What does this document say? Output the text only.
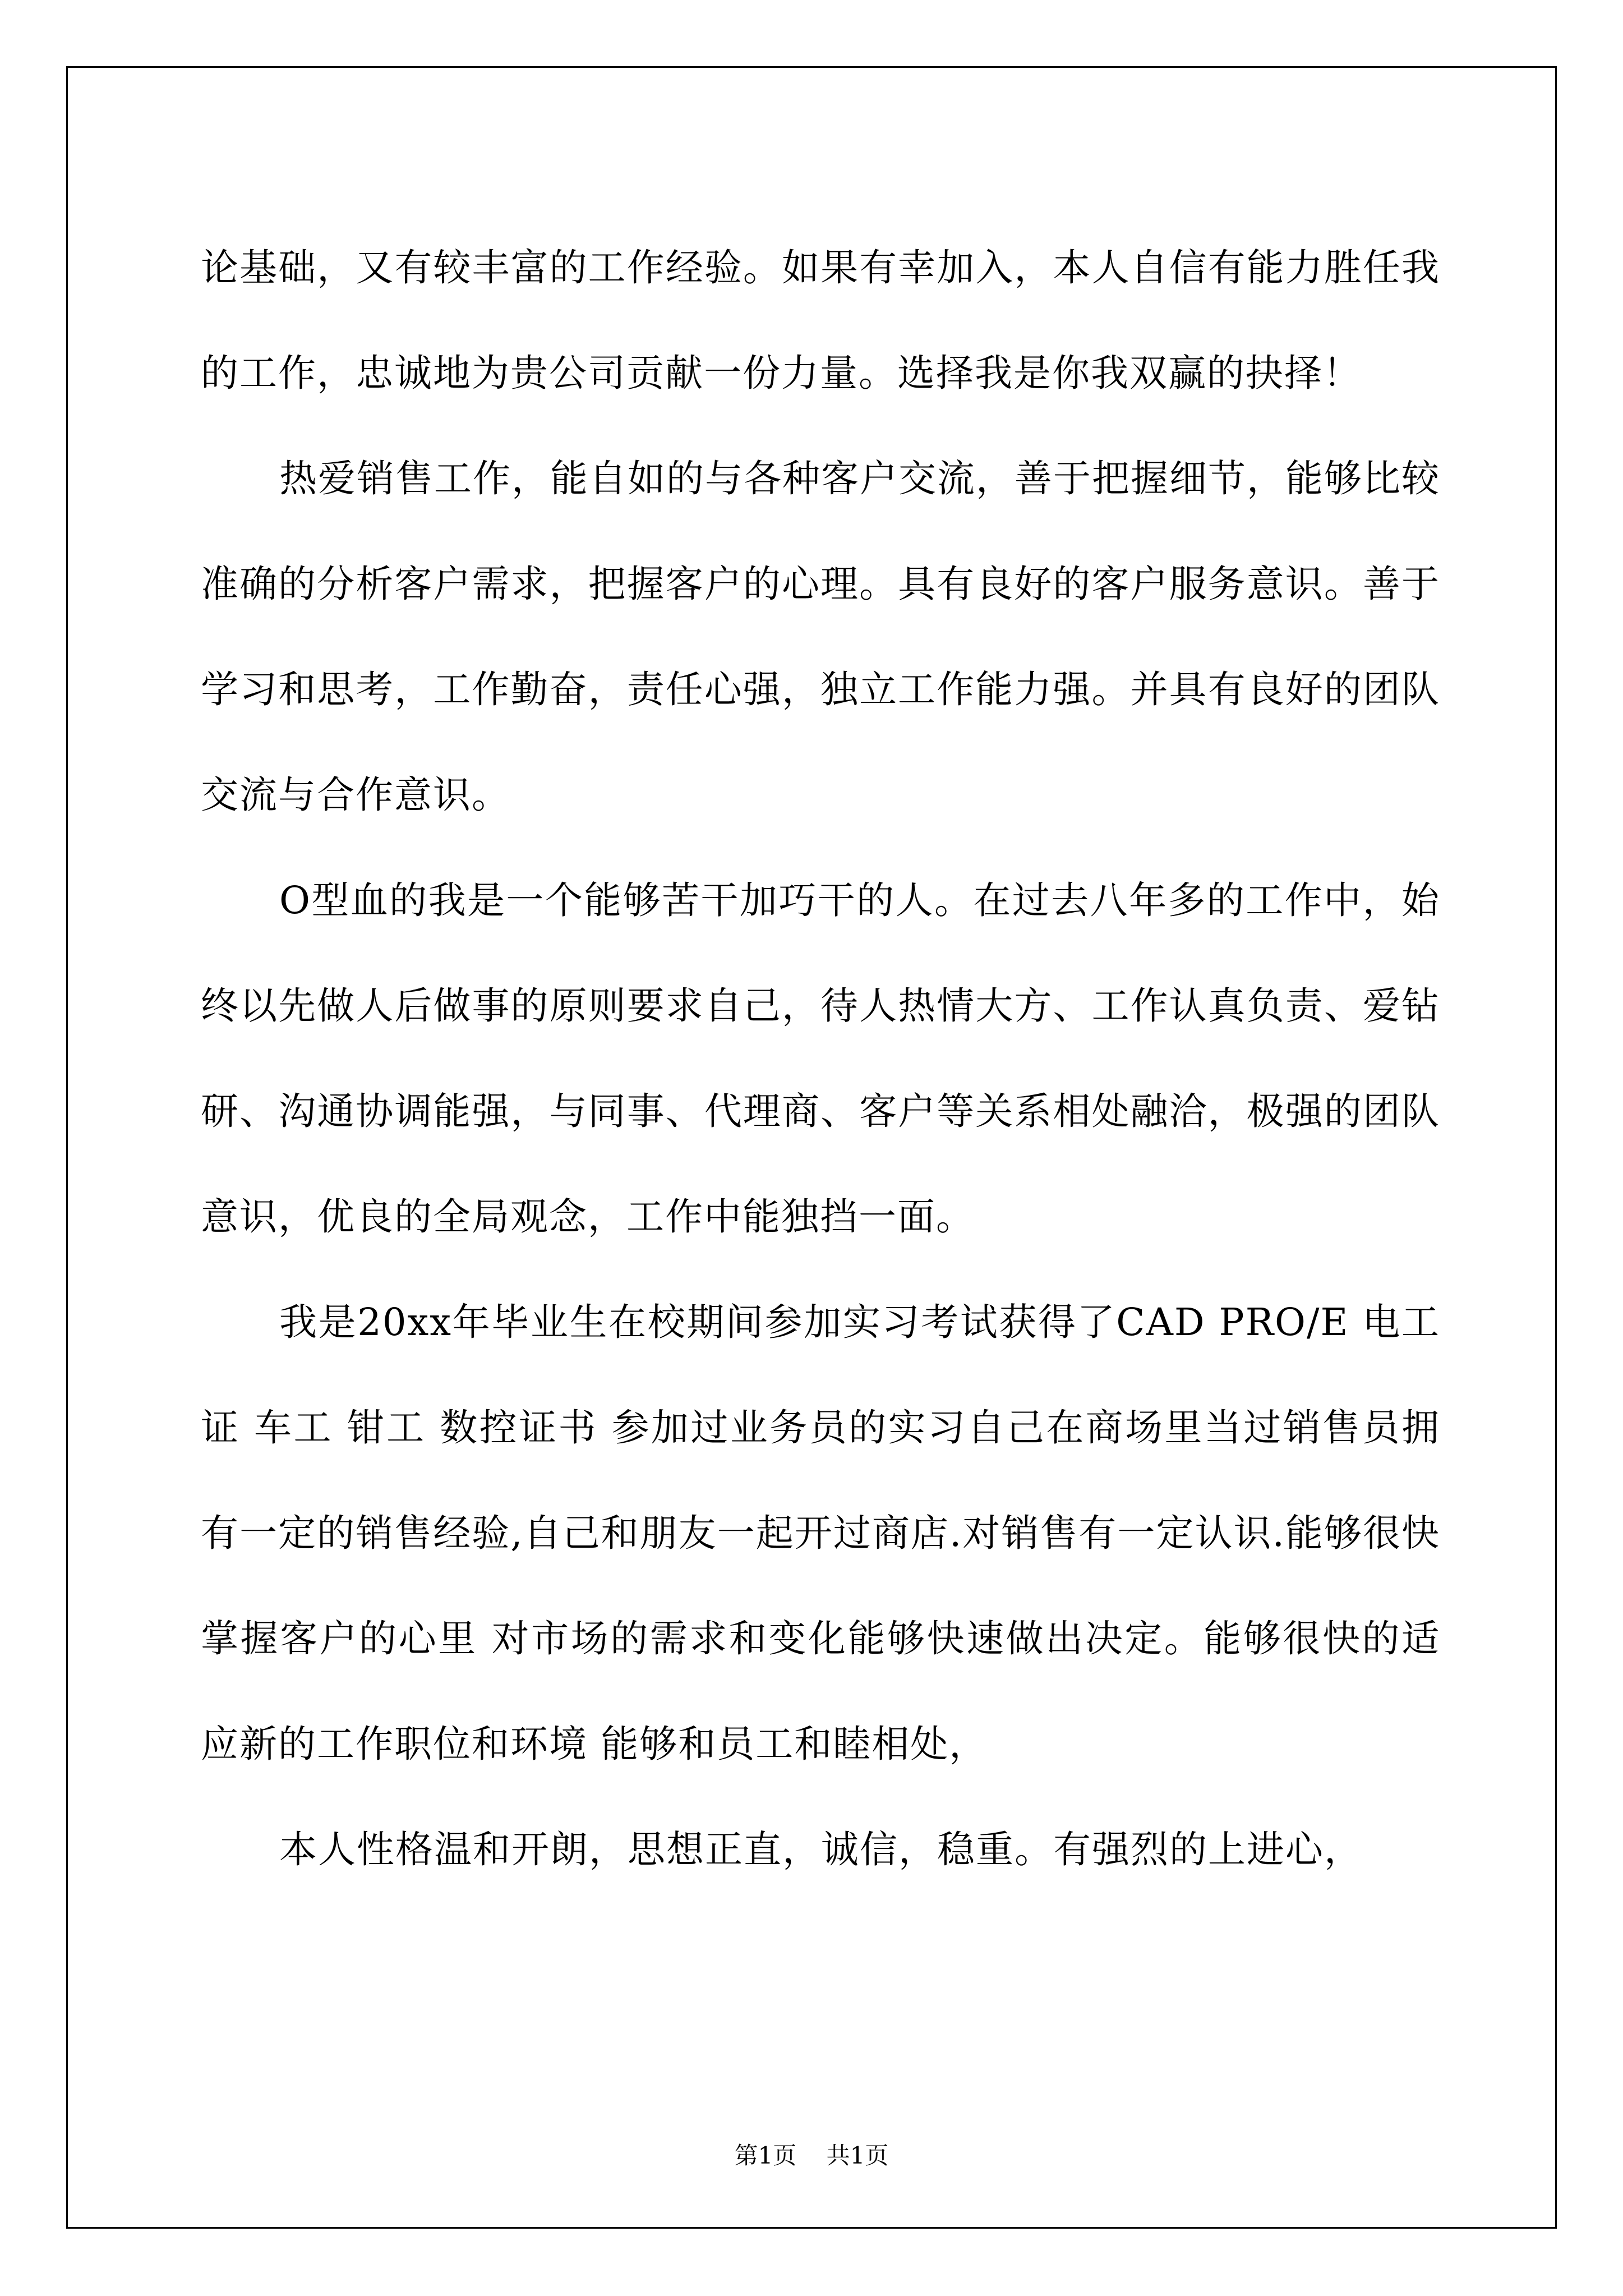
论基础，又有较丰富的工作经验。如果有幸加入，本人自信有能力胜任我的工作，忠诚地为贵公司贡献一份力量。选择我是你我双赢的抉择！

热爱销售工作，能自如的与各种客户交流，善于把握细节，能够比较准确的分析客户需求，把握客户的心理。具有良好的客户服务意识。善于学习和思考，工作勤奋，责任心强，独立工作能力强。并具有良好的团队交流与合作意识。

O型血的我是一个能够苦干加巧干的人。在过去八年多的工作中，始终以先做人后做事的原则要求自己，待人热情大方、工作认真负责、爱钻研、沟通协调能强，与同事、代理商、客户等关系相处融洽，极强的团队意识，优良的全局观念，工作中能独挡一面。

我是20xx年毕业生在校期间参加实习考试获得了CAD PRO/E 电工证 车工 钳工 数控证书 参加过业务员的实习自己在商场里当过销售员拥有一定的销售经验,自己和朋友一起开过商店.对销售有一定认识.能够很快掌握客户的心里 对市场的需求和变化能够快速做出决定。能够很快的适应新的工作职位和环境 能够和员工和睦相处，

本人性格温和开朗，思想正直，诚信，稳重。有强烈的上进心，

第1页    共1页
